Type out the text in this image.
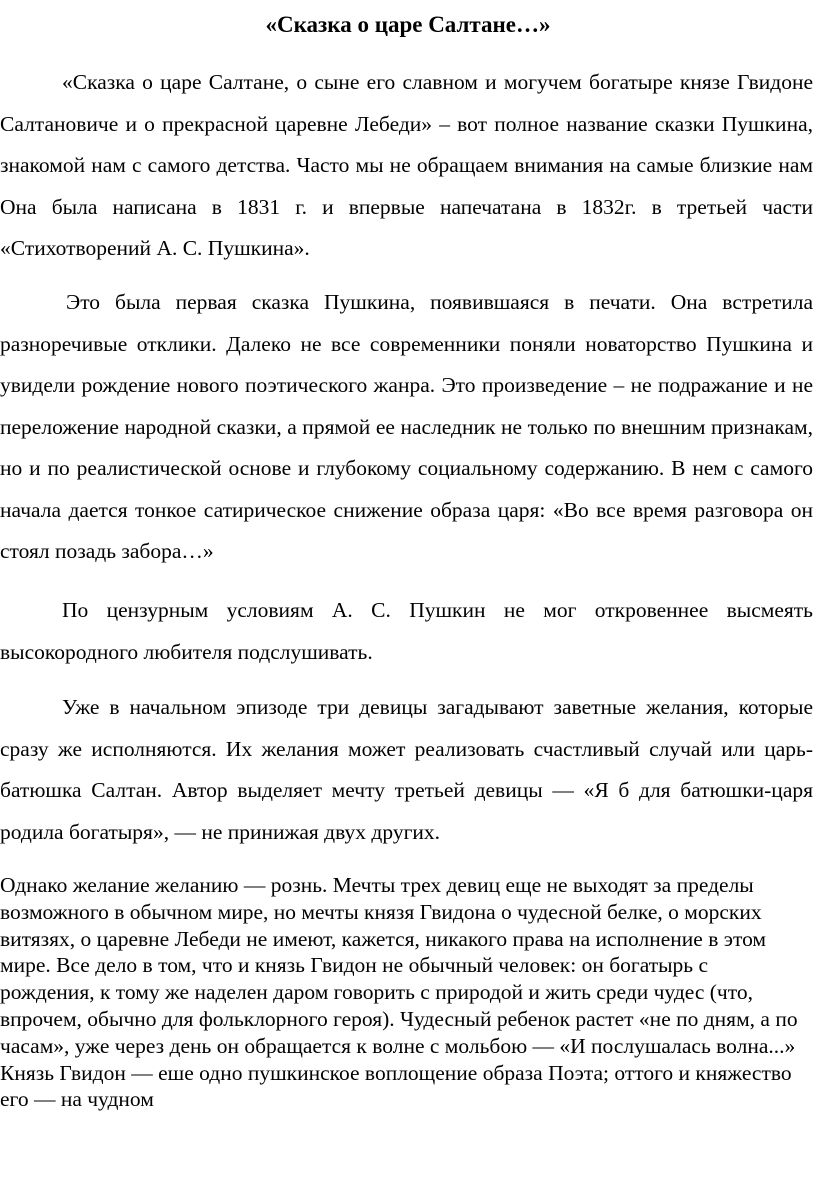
«Сказка о царе Салтане…»

«Сказка о царе Салтане, о сыне его славном и могучем богатыре князе Гвидоне Салтановиче и о прекрасной царевне Лебеди» – вот полное название сказки Пушкина, знакомой нам с самого детства. Часто мы не обращаем внимания на самые близкие нам Она была написана в 1831 г. и впервые напечатана в 1832г. в третьей части «Стихотворений А. С. Пушкина».

Это была первая сказка Пушкина, появившаяся в печати. Она встретила разноречивые отклики. Далеко не все современники поняли новаторство Пушкина и увидели рождение нового поэтического жанра. Это произведение – не подражание и не переложение народной сказки, а прямой ее наследник не только по внешним признакам, но и по реалистической основе и глубокому социальному содержанию. В нем с самого начала дается тонкое сатирическое снижение образа царя: «Во все время разговора он стоял позадь забора…»

По цензурным условиям А. С. Пушкин не мог откровеннее высмеять высокородного любителя подслушивать.

Уже в начальном эпизоде три девицы загадывают заветные желания, которые сразу же исполняются. Их желания может реализовать счастливый случай или царь-батюшка Салтан. Автор выделяет мечту третьей девицы — «Я б для батюшки-царя родила богатыря», — не принижая двух других.

Однако желание желанию — рознь. Мечты трех девиц еще не выходят за пределы возможного в обычном мире, но мечты князя Гвидона о чудесной белке, о морских витязях, о царевне Лебеди не имеют, кажется, никакого права на исполнение в этом мире. Все дело в том, что и князь Гвидон не обычный человек: он богатырь с рождения, к тому же наделен даром говорить с природой и жить среди чудес (что, впрочем, обычно для фольклорного героя). Чудесный ребенок растет «не по дням, а по часам», уже через день он обращается к волне с мольбою — «И послушалась волна...» Князь Гвидон — еше одно пушкинское воплощение образа Поэта; оттого и княжество его — на чудном
